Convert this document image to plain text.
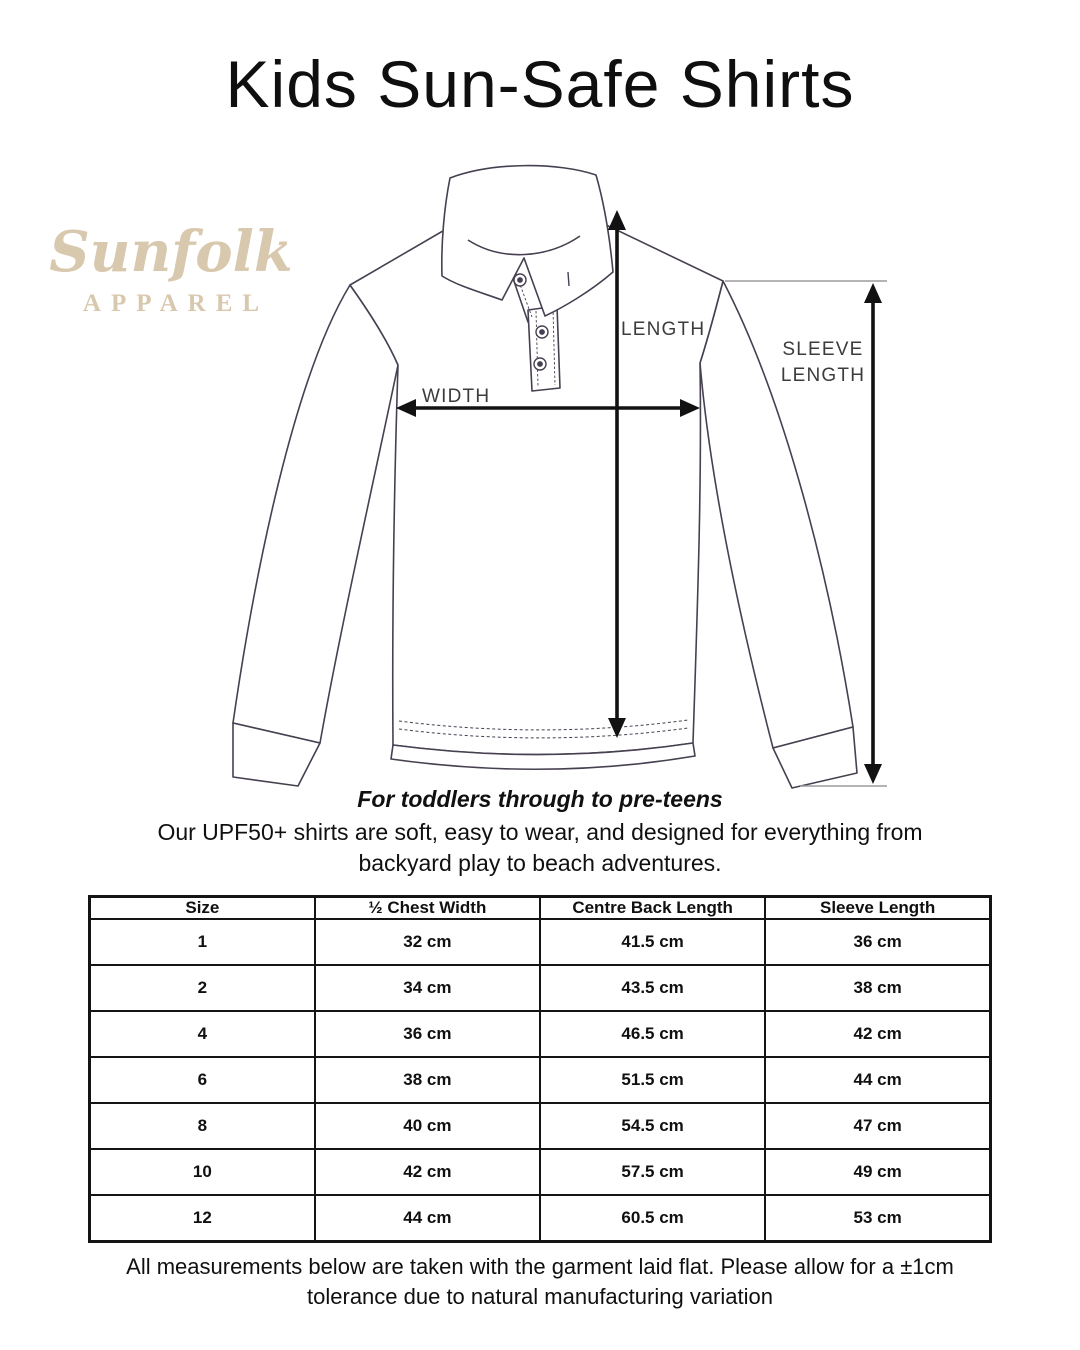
Kids Sun-Safe Shirts
Sunfolk
APPAREL
LENGTH
WIDTH
SLEEVE LENGTH
For toddlers through to pre-teens
Our UPF50+ shirts are soft, easy to wear, and designed for everything from backyard play to beach adventures.
Size	½ Chest Width	Centre Back Length	Sleeve Length
1	32 cm	41.5 cm	36 cm
2	34 cm	43.5 cm	38 cm
4	36 cm	46.5 cm	42 cm
6	38 cm	51.5 cm	44 cm
8	40 cm	54.5 cm	47 cm
10	42 cm	57.5 cm	49 cm
12	44 cm	60.5 cm	53 cm
All measurements below are taken with the garment laid flat. Please allow for a ±1cm tolerance due to natural manufacturing variation
